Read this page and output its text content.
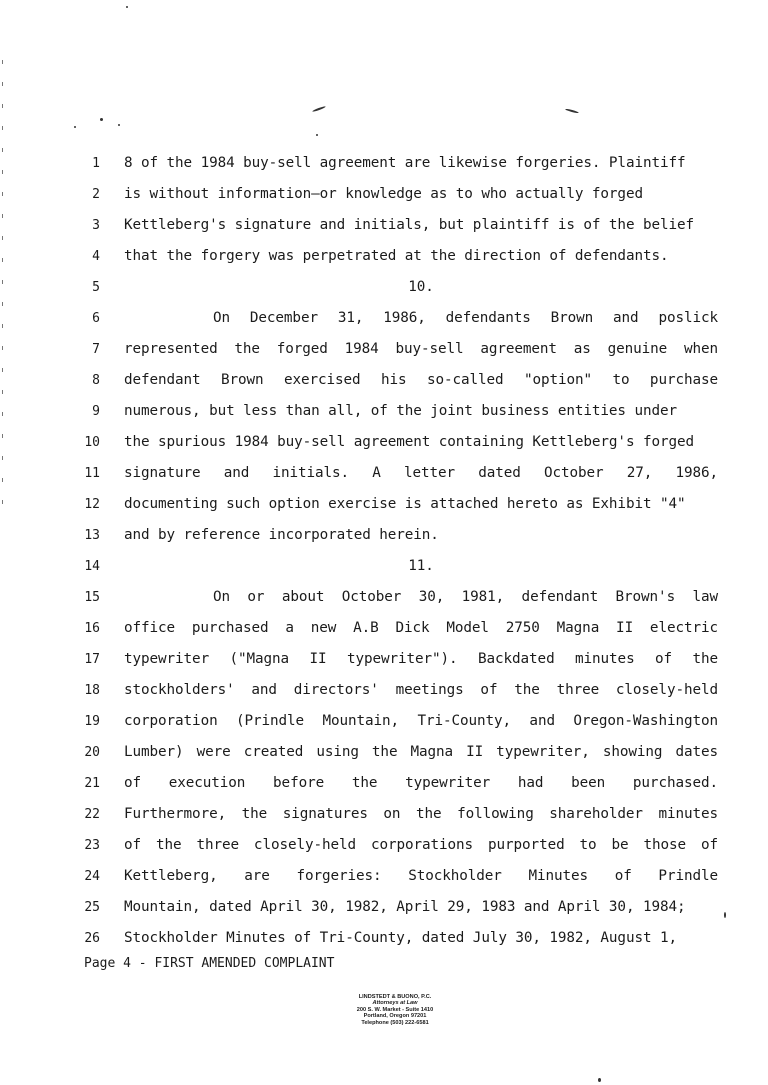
1
2
3
4
5
6
7
8
9
10
11
12
13
14
15
16
17
18
19
20
21
22
23
24
25
26
8 of the 1984 buy-sell agreement are likewise forgeries. Plaintiff
is without information—or knowledge as to who actually forged
Kettleberg's signature and initials, but plaintiff is of the belief
that the forgery was perpetrated at the direction of defendants.
10.
On December 31, 1986, defendants Brown and poslick
represented the forged 1984 buy-sell agreement as genuine when
defendant Brown exercised his so-called "option" to purchase
numerous, but less than all, of the joint business entities under
the spurious 1984 buy-sell agreement containing Kettleberg's forged
signature and initials. A letter dated October 27, 1986,
documenting such option exercise is attached hereto as Exhibit "4"
and by reference incorporated herein.
11.
On or about October 30, 1981, defendant Brown's law
office purchased a new A.B Dick Model 2750 Magna II electric
typewriter ("Magna II typewriter"). Backdated minutes of the
stockholders' and directors' meetings of the three closely-held
corporation (Prindle Mountain, Tri-County, and Oregon-Washington
Lumber) were created using the Magna II typewriter, showing dates
of execution before the typewriter had been purchased.
Furthermore, the signatures on the following shareholder minutes
of the three closely-held corporations purported to be those of
Kettleberg, are forgeries: Stockholder Minutes of Prindle
Mountain, dated April 30, 1982, April 29, 1983 and April 30, 1984;
Stockholder Minutes of Tri-County, dated July 30, 1982, August 1,
Page 4 - FIRST AMENDED COMPLAINT
LINDSTEDT & BUONO, P.C.
Attorneys at Law
200 S. W. Market - Suite 1410
Portland, Oregon 97201
Telephone (503) 222-6581
